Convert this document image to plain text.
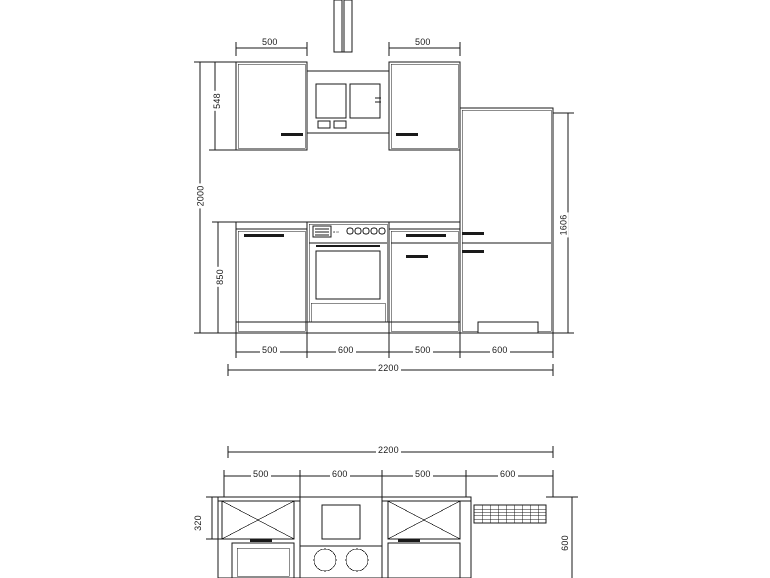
o o
500	500
548
2000
850
1606
500	600	500	600
2200
2200
500	600	500	600
320
600
